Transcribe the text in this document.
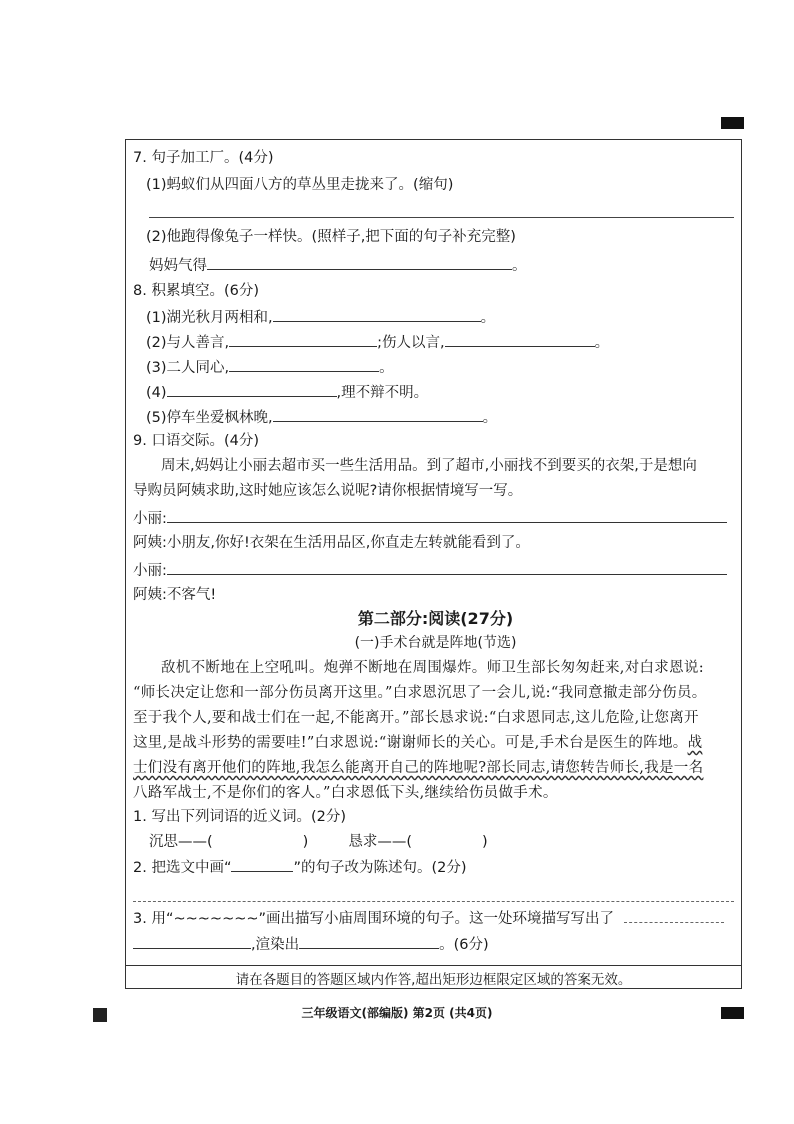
7. 句子加工厂。(4分)
(1)蚂蚁们从四面八方的草丛里走拢来了。(缩句)
(2)他跑得像兔子一样快。(照样子,把下面的句子补充完整)
妈妈气得	。
8. 积累填空。(6分)
(1)湖光秋月两相和,	。
(2)与人善言,	;伤人以言,	。
(3)二人同心,	。
(4)	,理不辩不明。
(5)停车坐爱枫林晚,	。
9. 口语交际。(4分)
周末,妈妈让小丽去超市买一些生活用品。到了超市,小丽找不到要买的衣架,于是想向
导购员阿姨求助,这时她应该怎么说呢?请你根据情境写一写。
小丽:
阿姨:小朋友,你好!衣架在生活用品区,你直走左转就能看到了。
小丽:
阿姨:不客气!
第二部分:阅读(27分)
(一)手术台就是阵地(节选)
敌机不断地在上空吼叫。炮弹不断地在周围爆炸。师卫生部长匆匆赶来,对白求恩说:
“师长决定让您和一部分伤员离开这里。”白求恩沉思了一会儿,说:“我同意撤走部分伤员。
至于我个人,要和战士们在一起,不能离开。”部长恳求说:“白求恩同志,这儿危险,让您离开
这里,是战斗形势的需要哇!”白求恩说:“谢谢师长的关心。可是,手术台是医生的阵地。战
士们没有离开他们的阵地,我怎么能离开自己的阵地呢?部长同志,请您转告师长,我是一名
八路军战士,不是你们的客人。”白求恩低下头,继续给伤员做手术。
1. 写出下列词语的近义词。(2分)
沉思——(	)	恳求——(	)
2. 把选文中画“	”的句子改为陈述句。(2分)
3. 用“~~~~~~~”画出描写小庙周围环境的句子。这一处环境描写写出了
,渲染出	。(6分)
请在各题目的答题区域内作答,超出矩形边框限定区域的答案无效。
三年级语文(部编版) 第2页 (共4页)
